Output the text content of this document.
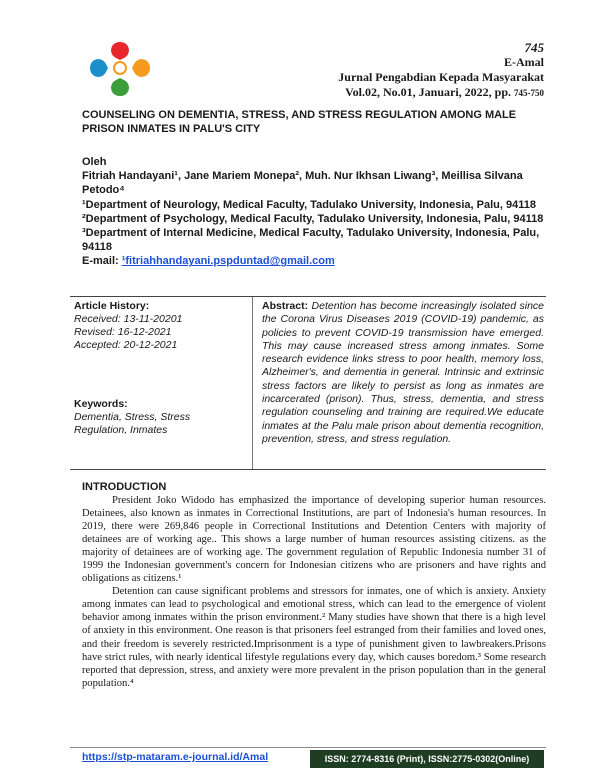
745
E-Amal
Jurnal Pengabdian Kepada Masyarakat
Vol.02, No.01, Januari, 2022, pp. 745-750
COUNSELING ON DEMENTIA, STRESS, AND STRESS REGULATION AMONG MALE PRISON INMATES IN PALU'S CITY
Oleh
Fitriah Handayani¹, Jane Mariem Monepa², Muh. Nur Ikhsan Liwang³, Meillisa Silvana Petodo⁴
¹Department of Neurology, Medical Faculty, Tadulako University, Indonesia, Palu, 94118
²Department of Psychology, Medical Faculty, Tadulako University, Indonesia, Palu, 94118
³Department of Internal Medicine, Medical Faculty, Tadulako University, Indonesia, Palu, 94118
E-mail: ¹fitriahhandayani.pspduntad@gmail.com
Article History:
Received: 13-11-20201
Revised: 16-12-2021
Accepted: 20-12-2021
Keywords:
Dementia, Stress, Stress Regulation, Inmates

Abstract: Detention has become increasingly isolated since the Corona Virus Diseases 2019 (COVID-19) pandemic, as policies to prevent COVID-19 transmission have emerged. This may cause increased stress among inmates. Some research evidence links stress to poor health, memory loss, Alzheimer's, and dementia in general. Intrinsic and extrinsic stress factors are likely to persist as long as inmates are incarcerated (prison). Thus, stress, dementia, and stress regulation counseling and training are required.We educate inmates at the Palu male prison about dementia recognition, prevention, stress, and stress regulation.

INTRODUCTION

President Joko Widodo has emphasized the importance of developing superior human resources. Detainees, also known as inmates in Correctional Institutions, are part of Indonesia's human resources. In 2019, there were 269,846 people in Correctional Institutions and Detention Centers with majority of detainees are of working age.. This shows a large number of human resources assisting citizens. as the majority of detainees are of working age. The government regulation of Republic Indonesia number 31 of 1999 the Indonesian government's concern for Indonesian citizens who are prisoners and have rights and obligations as citizens.¹

Detention can cause significant problems and stressors for inmates, one of which is anxiety. Anxiety among inmates can lead to psychological and emotional stress, which can lead to the emergence of violent behavior among inmates within the prison environment.² Many studies have shown that there is a high level of anxiety in this environment. One reason is that prisoners feel estranged from their families and loved ones, and their freedom is severely restricted.Imprisonment is a type of punishment given to lawbreakers.Prisons have strict rules, with nearly identical lifestyle regulations every day, which causes boredom.³ Some research reported that depression, stress, and anxiety were more prevalent in the prison population than in the general population.⁴

https://stp-mataram.e-journal.id/Amal	ISSN: 2774-8316 (Print), ISSN:2775-0302(Online)
